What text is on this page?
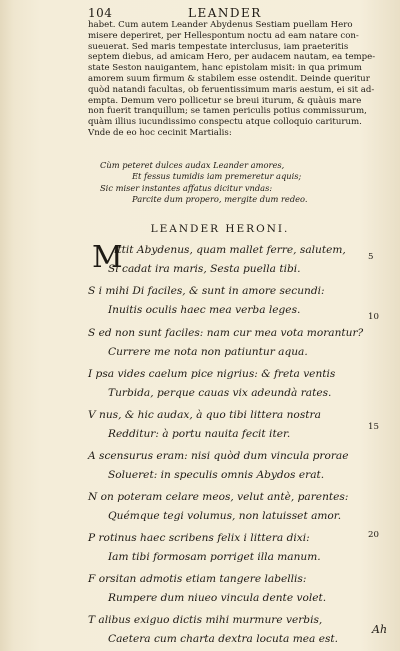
104	LEANDER
habet. Cum autem Leander Abydenus Sestiam puellam Hero
misere deperiret, per Hellespontum noctu ad eam natare con-
sueuerat. Sed maris tempestate interclusus, iam praeteritis
septem diebus, ad amicam Hero, per audacem nautam, ea tempe-
state Seston nauigantem, hanc epistolam misit: in qua primum
amorem suum firmum & stabilem esse ostendit. Deinde queritur
quòd natandi facultas, ob feruentissimum maris aestum, ei sit ad-
empta. Demum vero pollicetur se breui iturum, & quàuis mare
non fuerit tranquillum; se tamen periculis potius commissurum,
quàm illius iucundissimo conspectu atque colloquio cariturum.
Vnde de eo hoc cecinit Martialis:
Cùm peteret dulces audax Leander amores,
Et fessus tumidis iam premeretur aquis;
Sic miser instantes affatus dicitur vndas:
Parcite dum propero, mergite dum redeo.
LEANDER HERONI.
M
ittit Abydenus, quam mallet ferre, salutem,
Si cadat ira maris, Sesta puella tibi.
S i mihi Di faciles, & sunt in amore secundi:
Inuitis oculis haec mea verba leges.
S ed non sunt faciles: nam cur mea vota morantur?
Currere me nota non patiuntur aqua.
I psa vides caelum pice nigrius: & freta ventis
Turbida, perque cauas vix adeundà rates.
V nus, & hic audax, à quo tibi littera nostra
Redditur: à portu nauita fecit iter.
A scensurus eram: nisi quòd dum vincula prorae
Solueret: in speculis omnis Abydos erat.
N on poteram celare meos, velut antè, parentes:
Quémque tegi volumus, non latuisset amor.
P rotinus haec scribens felix i littera dixi:
Iam tibi formosam porriget illa manum.
F orsitan admotis etiam tangere labellis:
Rumpere dum niueo vincula dente volet.
T alibus exiguo dictis mihi murmure verbis,
Caetera cum charta dextra locuta mea est.
5
10
15
20
Ah
